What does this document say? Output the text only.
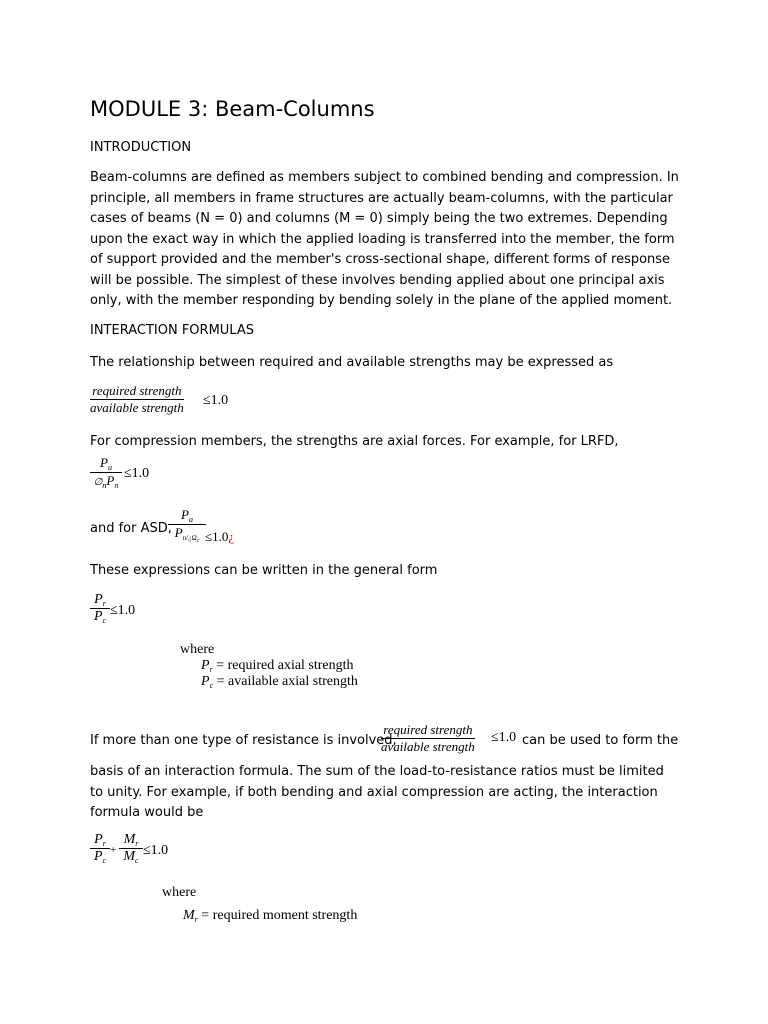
MODULE 3: Beam-Columns
INTRODUCTION

Beam-columns are defined as members subject to combined bending and compression. In principle, all members in frame structures are actually beam-columns, with the particular cases of beams (N = 0) and columns (M = 0) simply being the two extremes. Depending upon the exact way in which the applied loading is transferred into the member, the form of support provided and the member's cross-sectional shape, different forms of response will be possible. The simplest of these involves bending applied about one principal axis only, with the member responding by bending solely in the plane of the applied moment.

INTERACTION FORMULAS
The relationship between required and available strengths may be expressed as
required strength
available strength ≤1.0
For compression members, the strengths are axial forces. For example, for LRFD,
$P_u$
$\emptyset_nP_n$
≤1.0
and for ASD,
$P_a$
$P_{n/¿\Omega c}$ ≤1.0¿
These expressions can be written in the general form
$P_r$
$P_c$
≤1.0
where
$P_r$ = required axial strength
$P_c$ = available axial strength
If more than one type of resistance is involved,
required strength
available strength
≤1.0 can be used to form the

basis of an interaction formula. The sum of the load-to-resistance ratios must be limited to unity. For example, if both bending and axial compression are acting, the interaction formula would be

$P_r$
$P_c$
+
$M_r$
$M_c$
≤1.0
where
$M_r$ = required moment strength
